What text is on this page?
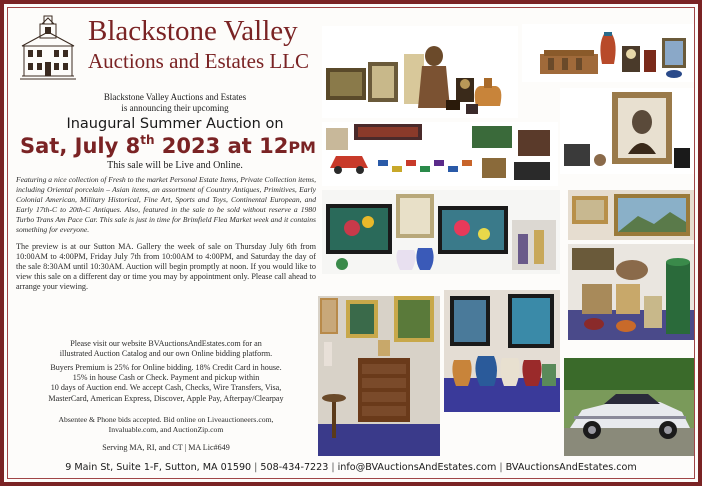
Blackstone Valley
Auctions and Estates LLC
Blackstone Valley Auctions and Estates
is announcing their upcoming
Inaugural Summer Auction on
Sat, July 8th 2023 at 12PM
This sale will be Live and Online.
Featuring a nice collection of Fresh to the market Personal Estate Items, Private Collection items, including Oriental porcelain – Asian items, an assortment of Country Antiques, Primitives, Early Colonial American, Military Historical, Fine Art, Sports and Toys, Continental European, and Early 17th-C to 20th-C Antiques. Also, featured in the sale to be sold without reserve a 1980 Turbo Trans Am Pace Car. This sale is just in time for Brimfield Flea Market week and it contains something for everyone.
The preview is at our Sutton MA. Gallery the week of sale on Thursday July 6th from 10:00AM to 4:00PM, Friday July 7th from 10:00AM to 4:00PM, and Saturday the day of the sale 8:30AM until 10:30AM. Auction will begin promptly at noon. If you would like to view this sale on a different day or time you may by appointment only. Please call ahead to arrange your viewing.
Please visit our website BVAuctionsAndEstates.com for an
illustrated Auction Catalog and our own Online bidding platform.
Buyers Premium is 25% for Online bidding. 18% Credit Card in house.
15% in house Cash or Check. Payment and pickup within
10 days of Auction end. We accept Cash, Checks, Wire Transfers, Visa,
MasterCard, American Express, Discover, Apple Pay, Afterpay/Clearpay
Absentee & Phone bids accepted. Bid online on Liveauctioneers.com,
Invaluable.com, and AuctionZip.com
Serving MA, RI, and CT | MA Lic#649
9 Main St, Suite 1-F, Sutton, MA 01590 | 508-434-7223 | info@BVAuctionsAndEstates.com | BVAuctionsAndEstates.com
